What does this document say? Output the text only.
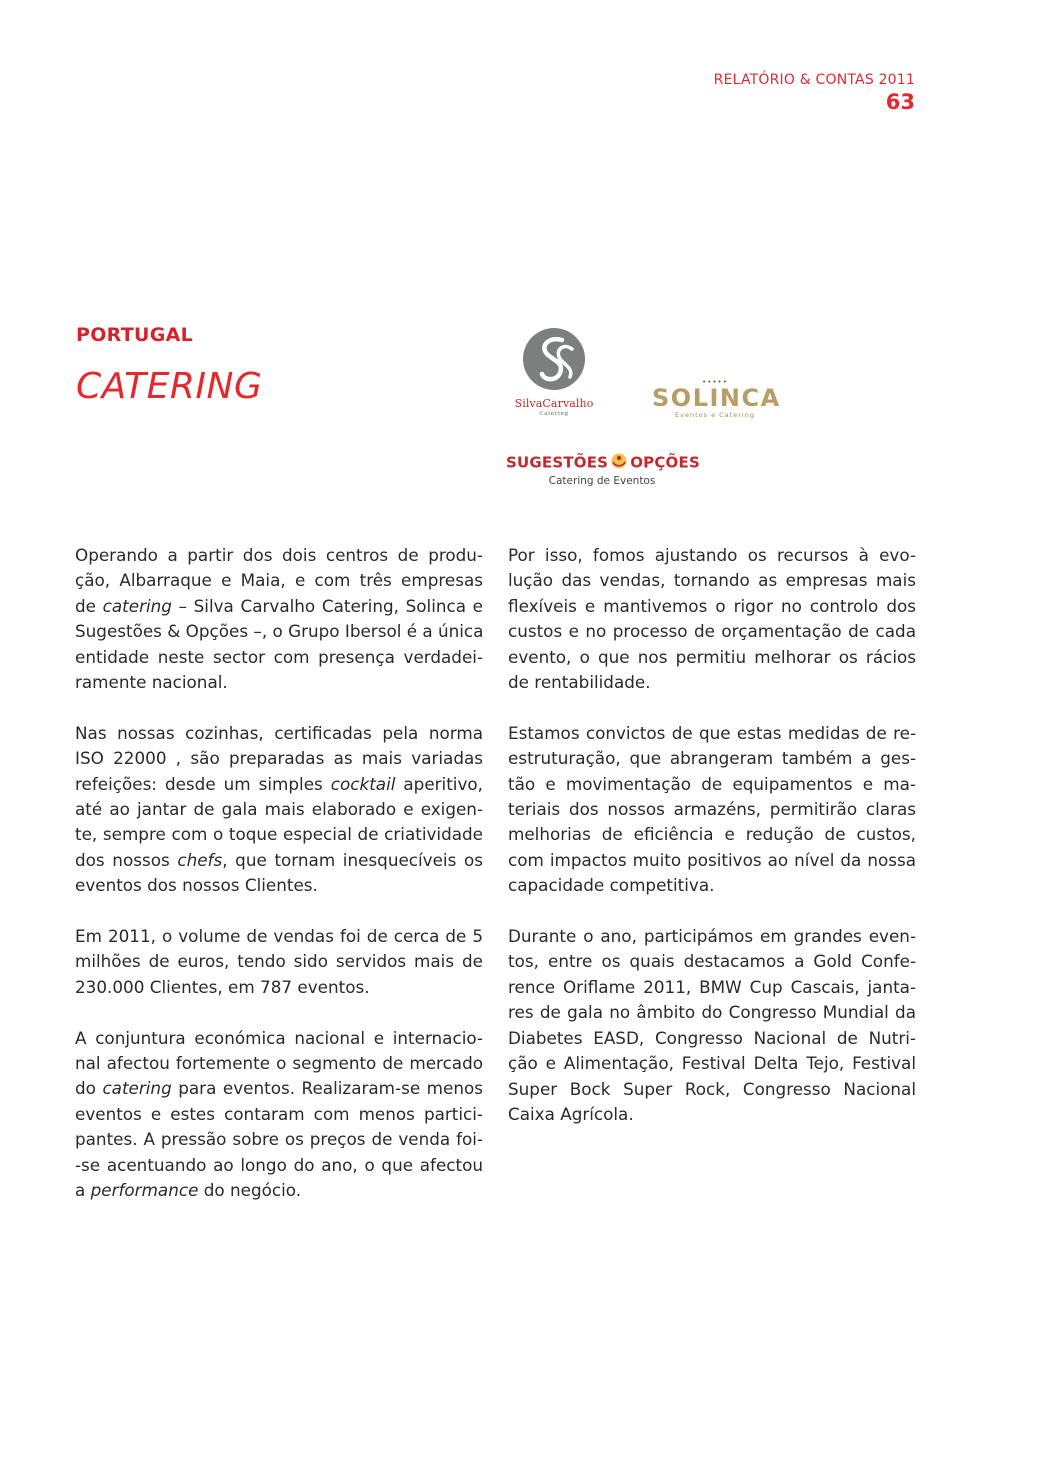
RELATÓRIO & CONTAS 2011
63
PORTUGAL
CATERING	SilvaCarvalho
Catering
•••••
SOLINCA
Eventos e Catering
SUGESTÕES OPÇÕES
Catering de Eventos

Operando a partir dos dois centros de produ-
ção, Albarraque e Maia, e com três empresas
de catering – Silva Carvalho Catering, Solinca e
Sugestões & Opções –, o Grupo Ibersol é a única
entidade neste sector com presença verdadei-
ramente nacional.

Nas nossas cozinhas, certificadas pela norma
ISO 22000 , são preparadas as mais variadas
refeições: desde um simples cocktail aperitivo,
até ao jantar de gala mais elaborado e exigen-
te, sempre com o toque especial de criatividade
dos nossos chefs, que tornam inesquecíveis os
eventos dos nossos Clientes.

Em 2011, o volume de vendas foi de cerca de 5
milhões de euros, tendo sido servidos mais de
230.000 Clientes, em 787 eventos.

A conjuntura económica nacional e internacio-
nal afectou fortemente o segmento de mercado
do catering para eventos. Realizaram-se menos
eventos e estes contaram com menos partici-
pantes. A pressão sobre os preços de venda foi-
-se acentuando ao longo do ano, o que afectou
a performance do negócio.

Por isso, fomos ajustando os recursos à evo-
lução das vendas, tornando as empresas mais
flexíveis e mantivemos o rigor no controlo dos
custos e no processo de orçamentação de cada
evento, o que nos permitiu melhorar os rácios
de rentabilidade.

Estamos convictos de que estas medidas de re-
estruturação, que abrangeram também a ges-
tão e movimentação de equipamentos e ma-
teriais dos nossos armazéns, permitirão claras
melhorias de eficiência e redução de custos,
com impactos muito positivos ao nível da nossa
capacidade competitiva.

Durante o ano, participámos em grandes even-
tos, entre os quais destacamos a Gold Confe-
rence Oriflame 2011, BMW Cup Cascais, janta-
res de gala no âmbito do Congresso Mundial da
Diabetes EASD, Congresso Nacional de Nutri-
ção e Alimentação, Festival Delta Tejo, Festival
Super Bock Super Rock, Congresso Nacional
Caixa Agrícola.
